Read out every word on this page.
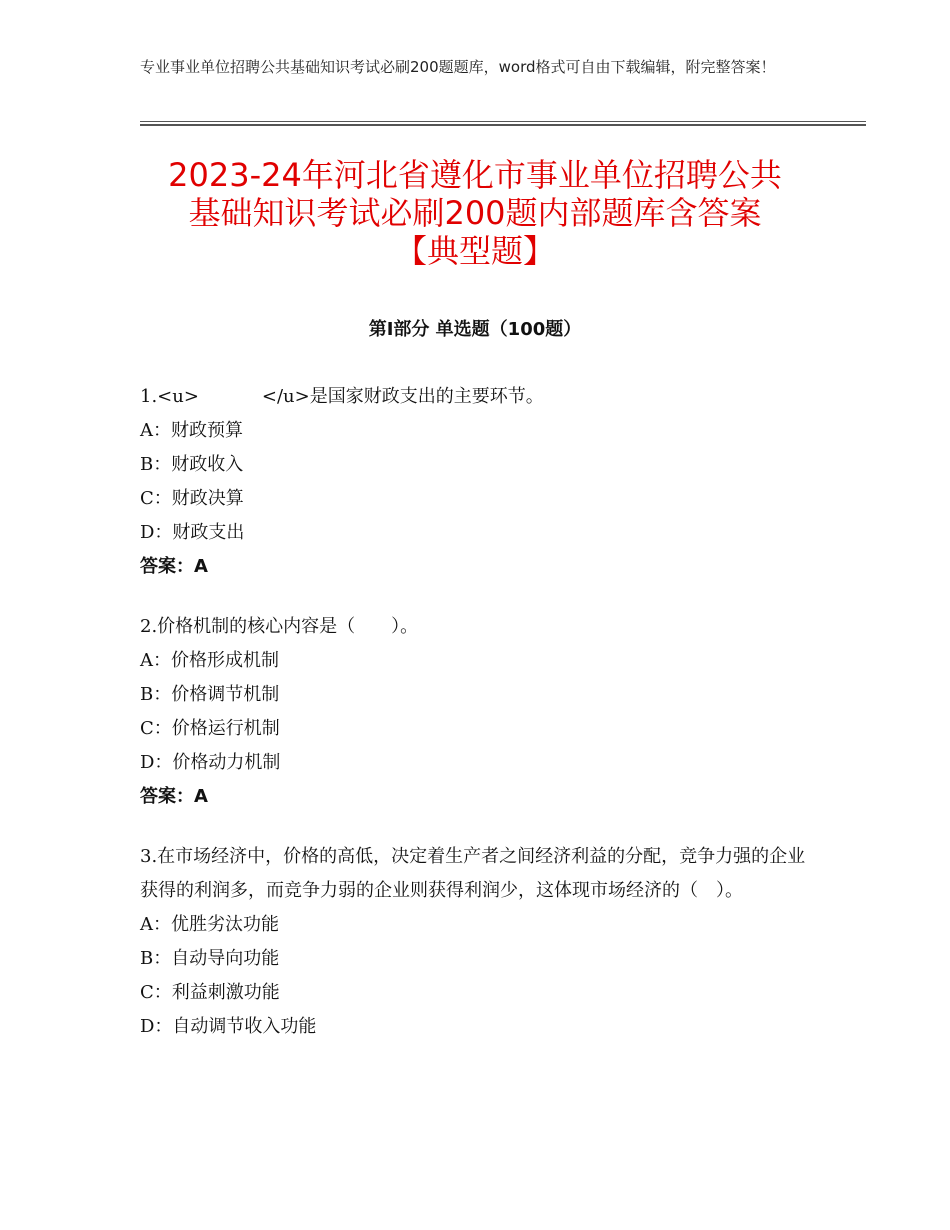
专业事业单位招聘公共基础知识考试必刷200题题库，word格式可自由下载编辑，附完整答案！
2023-24年河北省遵化市事业单位招聘公共
基础知识考试必刷200题内部题库含答案
【典型题】
第Ⅰ部分 单选题（100题）
1.<u>           </u>是国家财政支出的主要环节。
A：财政预算
B：财政收入
C：财政决算
D：财政支出
答案：A
2.价格机制的核心内容是（　　）。
A：价格形成机制
B：价格调节机制
C：价格运行机制
D：价格动力机制
答案：A
3.在市场经济中，价格的高低，决定着生产者之间经济利益的分配，竞争力强的企业获得的利润多，而竞争力弱的企业则获得利润少，这体现市场经济的（　）。
A：优胜劣汰功能
B：自动导向功能
C：利益刺激功能
D：自动调节收入功能
